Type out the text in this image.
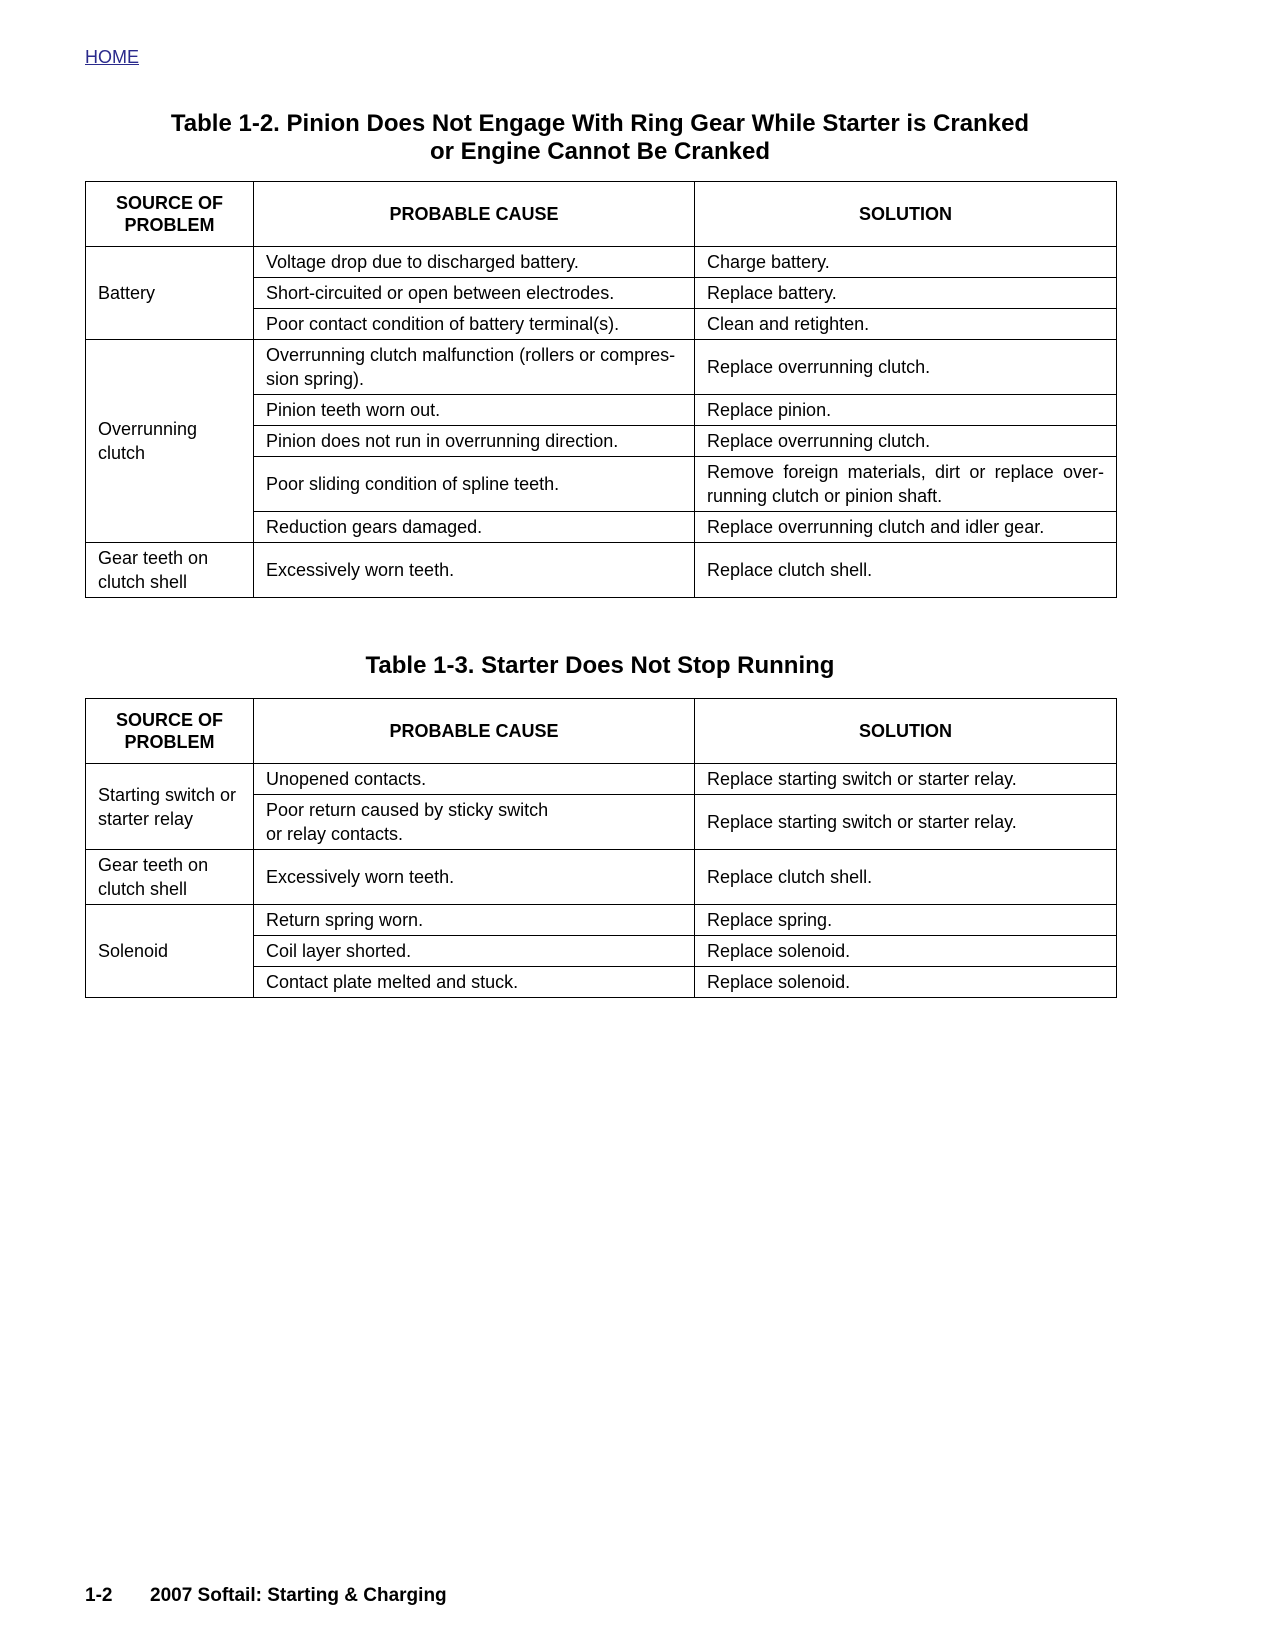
HOME
Table 1-2. Pinion Does Not Engage With Ring Gear While Starter is Cranked
or Engine Cannot Be Cranked
SOURCE OF PROBLEM	PROBABLE CAUSE	SOLUTION
Battery	Voltage drop due to discharged battery.	Charge battery.
	Short-circuited or open between electrodes.	Replace battery.
	Poor contact condition of battery terminal(s).	Clean and retighten.
Overrunning clutch	Overrunning clutch malfunction (rollers or compres-sion spring).	Replace overrunning clutch.
	Pinion teeth worn out.	Replace pinion.
	Pinion does not run in overrunning direction.	Replace overrunning clutch.
	Poor sliding condition of spline teeth.	Remove foreign materials, dirt or replace over-running clutch or pinion shaft.
	Reduction gears damaged.	Replace overrunning clutch and idler gear.
Gear teeth on clutch shell	Excessively worn teeth.	Replace clutch shell.
Table 1-3. Starter Does Not Stop Running
SOURCE OF PROBLEM	PROBABLE CAUSE	SOLUTION
Starting switch or starter relay	Unopened contacts.	Replace starting switch or starter relay.
	Poor return caused by sticky switch or relay contacts.	Replace starting switch or starter relay.
Gear teeth on clutch shell	Excessively worn teeth.	Replace clutch shell.
Solenoid	Return spring worn.	Replace spring.
	Coil layer shorted.	Replace solenoid.
	Contact plate melted and stuck.	Replace solenoid.
1-2 2007 Softail: Starting & Charging
